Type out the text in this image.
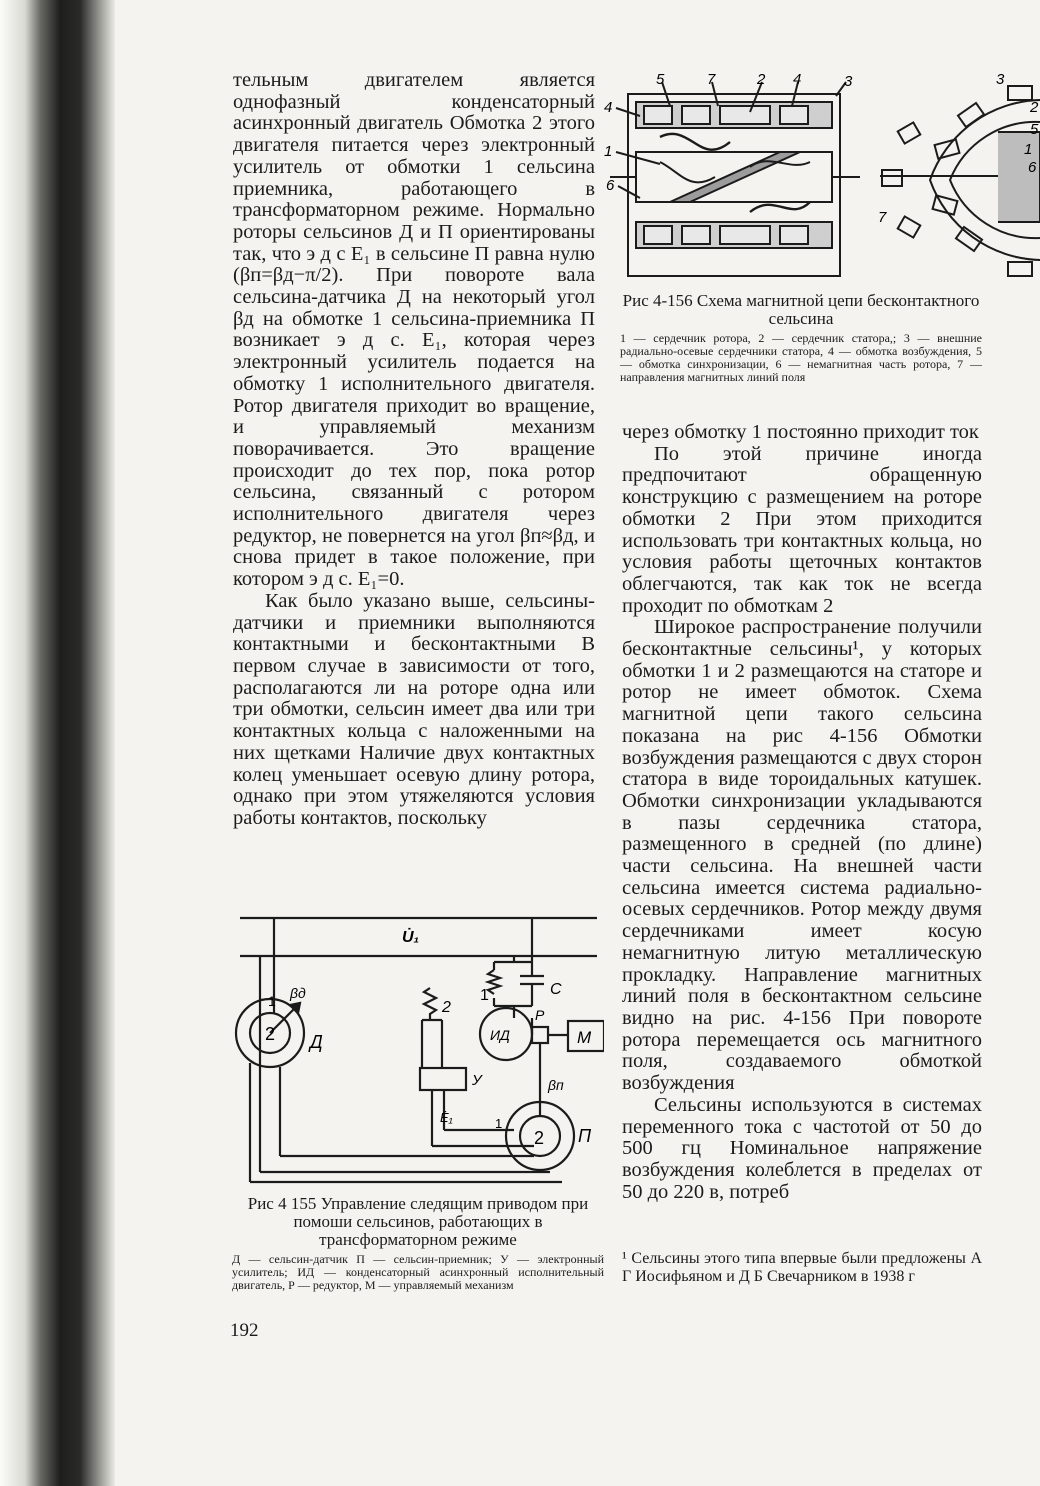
тельным двигателем является однофазный конденсаторный асинхронный двигатель Обмотка 2 этого двигателя питается через электронный усилитель от обмотки 1 сельсина приемника, работающего в трансформаторном режиме. Нормально роторы сельсинов Д и П ориентированы так, что э д с E₁ в сельсине П равна нулю (βп=βд−π/2). При повороте вала сельсина-датчика Д на некоторый угол βд на обмотке 1 сельсина-приемника П возникает э д с. E₁, которая через электронный усилитель подается на обмотку 1 исполнительного двигателя. Ротор двигателя приходит во вращение, и управляемый механизм поворачивается. Это вращение происходит до тех пор, пока ротор сельсина, связанный с ротором исполнительного двигателя через редуктор, не повернется на угол βп≈βд, и снова придет в такое положение, при котором э д с. E₁=0.

Как было указано выше, сельсины-датчики и приемники выполняются контактными и бесконтактными В первом случае в зависимости от того, располагаются ли на роторе одна или три обмотки, сельсин имеет два или три контактных кольца с наложенными на них щетками Наличие двух контактных колец уменьшает осевую длину ротора, однако при этом утяжеляются условия работы контактов, поскольку

U̇₁
C
1
1
2
2
2
βд
Д	ИД
Р
М
У
Ė₁
βп
П
1
Рис 4 155 Управление следящим приводом при помоши сельсинов, работающих в трансформаторном режиме
Д — сельсин-датчик П — сельсин-приемник; У — электронный усилитель; ИД — конденсаторный асинхронный исполнительный двигатель, Р — редуктор, М — управляемый механизм
192
5	7	2 4	3
4
1
6
3
2
5
1
6
7
Рис 4-156 Схема магнитной цепи бесконтактного сельсина
1 — сердечник ротора, 2 — сердечник статора,; 3 — внешние радиально-осевые сердечники статора, 4 — обмотка возбуждения, 5 — обмотка синхронизации, 6 — немагнитная часть ротора, 7 — направления магнитных линий поля

через обмотку 1 постоянно приходит ток

По этой причине иногда предпочитают обращенную конструкцию с размещением на роторе обмотки 2 При этом приходится использовать три контактных кольца, но условия работы щеточных контактов облегчаются, так как ток не всегда проходит по обмоткам 2

Широкое распространение получили бесконтактные сельсины¹, у которых обмотки 1 и 2 размещаются на статоре и ротор не имеет обмоток. Схема магнитной цепи такого сельсина показана на рис 4-156 Обмотки возбуждения размещаются с двух сторон статора в виде тороидальных катушек. Обмотки синхронизации укладываются в пазы сердечника статора, размещенного в средней (по длине) части сельсина. На внешней части сельсина имеется система радиально-осевых сердечников. Ротор между двумя сердечниками имеет косую немагнитную литую металлическую прокладку. Направление магнитных линий поля в бесконтактном сельсине видно на рис. 4-156 При повороте ротора перемещается ось магнитного поля, создаваемого обмоткой возбуждения

Сельсины используются в системах переменного тока с частотой от 50 до 500 гц Номинальное напряжение возбуждения колеблется в пределах от 50 до 220 в, потреб

¹ Сельсины этого типа впервые были предложены А Г Иосифьяном и Д Б Свечарником в 1938 г
